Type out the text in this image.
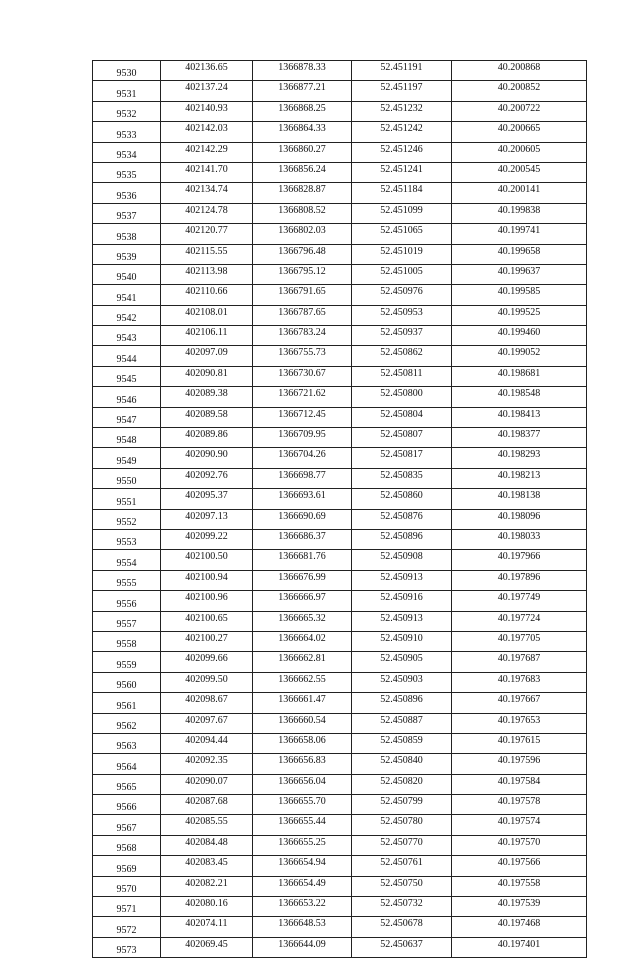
9530	402136.65	1366878.33	52.451191	40.200868
9531	402137.24	1366877.21	52.451197	40.200852
9532	402140.93	1366868.25	52.451232	40.200722
9533	402142.03	1366864.33	52.451242	40.200665
9534	402142.29	1366860.27	52.451246	40.200605
9535	402141.70	1366856.24	52.451241	40.200545
9536	402134.74	1366828.87	52.451184	40.200141
9537	402124.78	1366808.52	52.451099	40.199838
9538	402120.77	1366802.03	52.451065	40.199741
9539	402115.55	1366796.48	52.451019	40.199658
9540	402113.98	1366795.12	52.451005	40.199637
9541	402110.66	1366791.65	52.450976	40.199585
9542	402108.01	1366787.65	52.450953	40.199525
9543	402106.11	1366783.24	52.450937	40.199460
9544	402097.09	1366755.73	52.450862	40.199052
9545	402090.81	1366730.67	52.450811	40.198681
9546	402089.38	1366721.62	52.450800	40.198548
9547	402089.58	1366712.45	52.450804	40.198413
9548	402089.86	1366709.95	52.450807	40.198377
9549	402090.90	1366704.26	52.450817	40.198293
9550	402092.76	1366698.77	52.450835	40.198213
9551	402095.37	1366693.61	52.450860	40.198138
9552	402097.13	1366690.69	52.450876	40.198096
9553	402099.22	1366686.37	52.450896	40.198033
9554	402100.50	1366681.76	52.450908	40.197966
9555	402100.94	1366676.99	52.450913	40.197896
9556	402100.96	1366666.97	52.450916	40.197749
9557	402100.65	1366665.32	52.450913	40.197724
9558	402100.27	1366664.02	52.450910	40.197705
9559	402099.66	1366662.81	52.450905	40.197687
9560	402099.50	1366662.55	52.450903	40.197683
9561	402098.67	1366661.47	52.450896	40.197667
9562	402097.67	1366660.54	52.450887	40.197653
9563	402094.44	1366658.06	52.450859	40.197615
9564	402092.35	1366656.83	52.450840	40.197596
9565	402090.07	1366656.04	52.450820	40.197584
9566	402087.68	1366655.70	52.450799	40.197578
9567	402085.55	1366655.44	52.450780	40.197574
9568	402084.48	1366655.25	52.450770	40.197570
9569	402083.45	1366654.94	52.450761	40.197566
9570	402082.21	1366654.49	52.450750	40.197558
9571	402080.16	1366653.22	52.450732	40.197539
9572	402074.11	1366648.53	52.450678	40.197468
9573	402069.45	1366644.09	52.450637	40.197401
